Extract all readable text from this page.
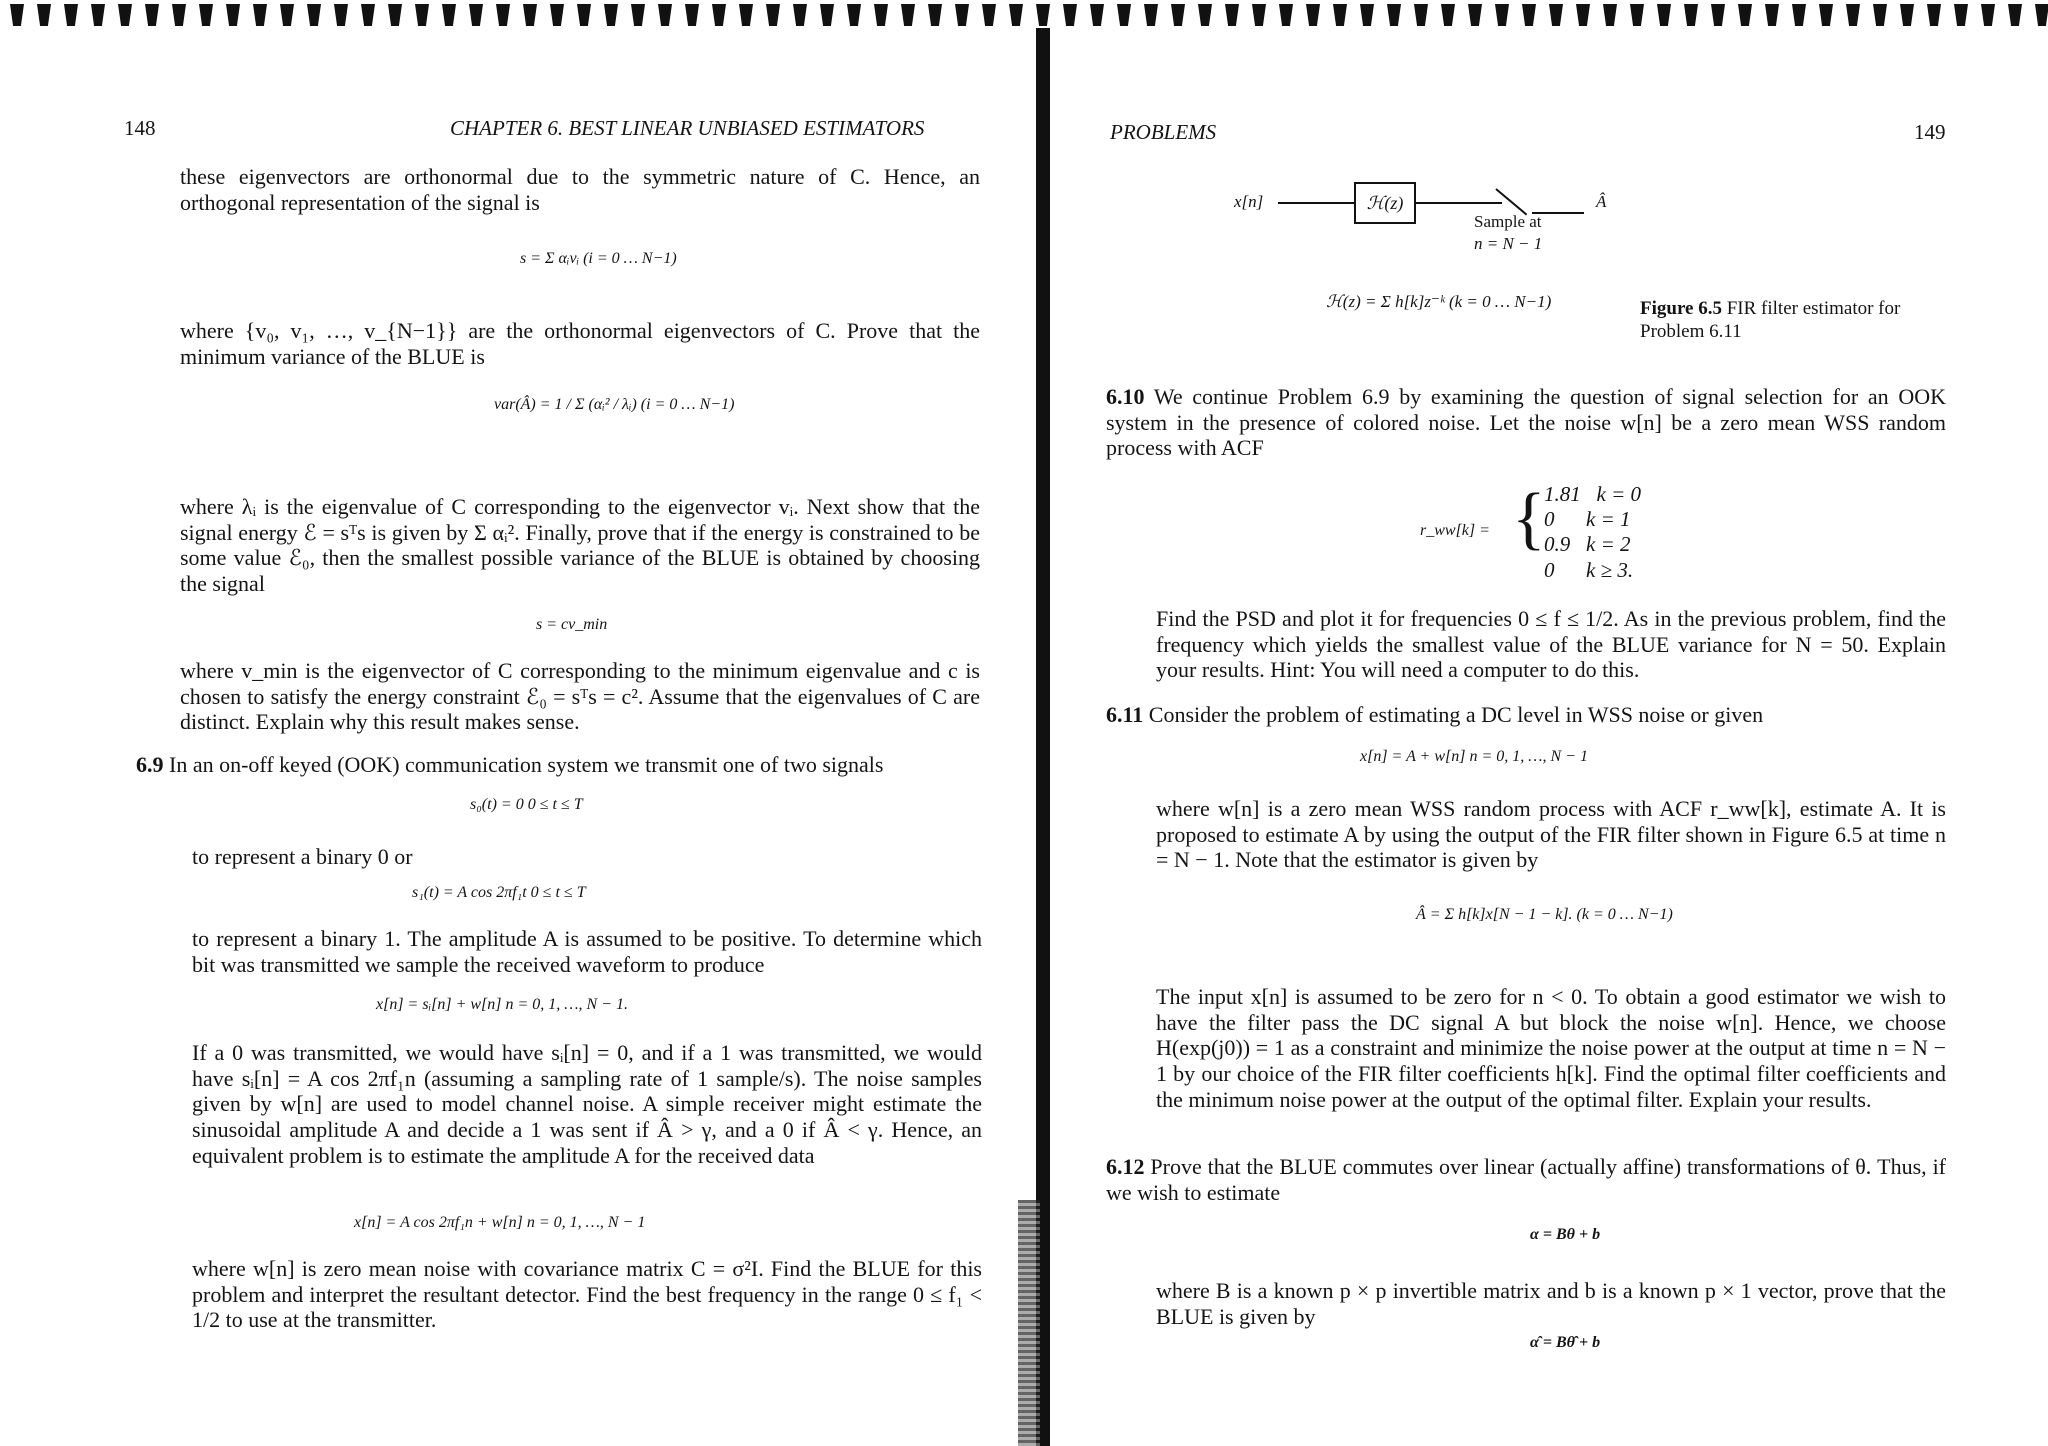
148	CHAPTER 6. BEST LINEAR UNBIASED ESTIMATORS

these eigenvectors are orthonormal due to the symmetric nature of C. Hence, an orthogonal representation of the signal is

s = Σ αᵢvᵢ (i = 0 … N−1)

where {v₀, v₁, …, v_{N−1}} are the orthonormal eigenvectors of C. Prove that the minimum variance of the BLUE is

var(Â) = 1 / Σ (αᵢ² / λᵢ) (i = 0 … N−1)

where λᵢ is the eigenvalue of C corresponding to the eigenvector vᵢ. Next show that the signal energy ℰ = sᵀs is given by Σ αᵢ². Finally, prove that if the energy is constrained to be some value ℰ₀, then the smallest possible variance of the BLUE is obtained by choosing the signal

s = cv_min

where v_min is the eigenvector of C corresponding to the minimum eigenvalue and c is chosen to satisfy the energy constraint ℰ₀ = sᵀs = c². Assume that the eigenvalues of C are distinct. Explain why this result makes sense.

6.9 In an on-off keyed (OOK) communication system we transmit one of two signals

s₀(t) = 0 0 ≤ t ≤ T

to represent a binary 0 or

s₁(t) = A cos 2πf₁t 0 ≤ t ≤ T

to represent a binary 1. The amplitude A is assumed to be positive. To determine which bit was transmitted we sample the received waveform to produce

x[n] = sᵢ[n] + w[n] n = 0, 1, …, N − 1.

If a 0 was transmitted, we would have sᵢ[n] = 0, and if a 1 was transmitted, we would have sᵢ[n] = A cos 2πf₁n (assuming a sampling rate of 1 sample/s). The noise samples given by w[n] are used to model channel noise. A simple receiver might estimate the sinusoidal amplitude A and decide a 1 was sent if Â > γ, and a 0 if Â < γ. Hence, an equivalent problem is to estimate the amplitude A for the received data

x[n] = A cos 2πf₁n + w[n] n = 0, 1, …, N − 1

where w[n] is zero mean noise with covariance matrix C = σ²I. Find the BLUE for this problem and interpret the resultant detector. Find the best frequency in the range 0 ≤ f₁ < 1/2 to use at the transmitter.

PROBLEMS	149
x[n]	ℋ(z)	Â
Sample at
n = N − 1
ℋ(z) = Σ h[k]z⁻ᵏ (k = 0 … N−1)	Figure 6.5 FIR filter estimator for Problem 6.11

6.10 We continue Problem 6.9 by examining the question of signal selection for an OOK system in the presence of colored noise. Let the noise w[n] be a zero mean WSS random process with ACF

r_ww[k] = {
1.81   k = 0
0      k = 1
0.9   k = 2
0      k ≥ 3.

Find the PSD and plot it for frequencies 0 ≤ f ≤ 1/2. As in the previous problem, find the frequency which yields the smallest value of the BLUE variance for N = 50. Explain your results. Hint: You will need a computer to do this.

6.11 Consider the problem of estimating a DC level in WSS noise or given

x[n] = A + w[n] n = 0, 1, …, N − 1

where w[n] is a zero mean WSS random process with ACF r_ww[k], estimate A. It is proposed to estimate A by using the output of the FIR filter shown in Figure 6.5 at time n = N − 1. Note that the estimator is given by

Â = Σ h[k]x[N − 1 − k]. (k = 0 … N−1)

The input x[n] is assumed to be zero for n < 0. To obtain a good estimator we wish to have the filter pass the DC signal A but block the noise w[n]. Hence, we choose H(exp(j0)) = 1 as a constraint and minimize the noise power at the output at time n = N − 1 by our choice of the FIR filter coefficients h[k]. Find the optimal filter coefficients and the minimum noise power at the output of the optimal filter. Explain your results.

6.12 Prove that the BLUE commutes over linear (actually affine) transformations of θ. Thus, if we wish to estimate

α = Bθ + b

where B is a known p × p invertible matrix and b is a known p × 1 vector, prove that the BLUE is given by

α̂ = Bθ̂ + b
